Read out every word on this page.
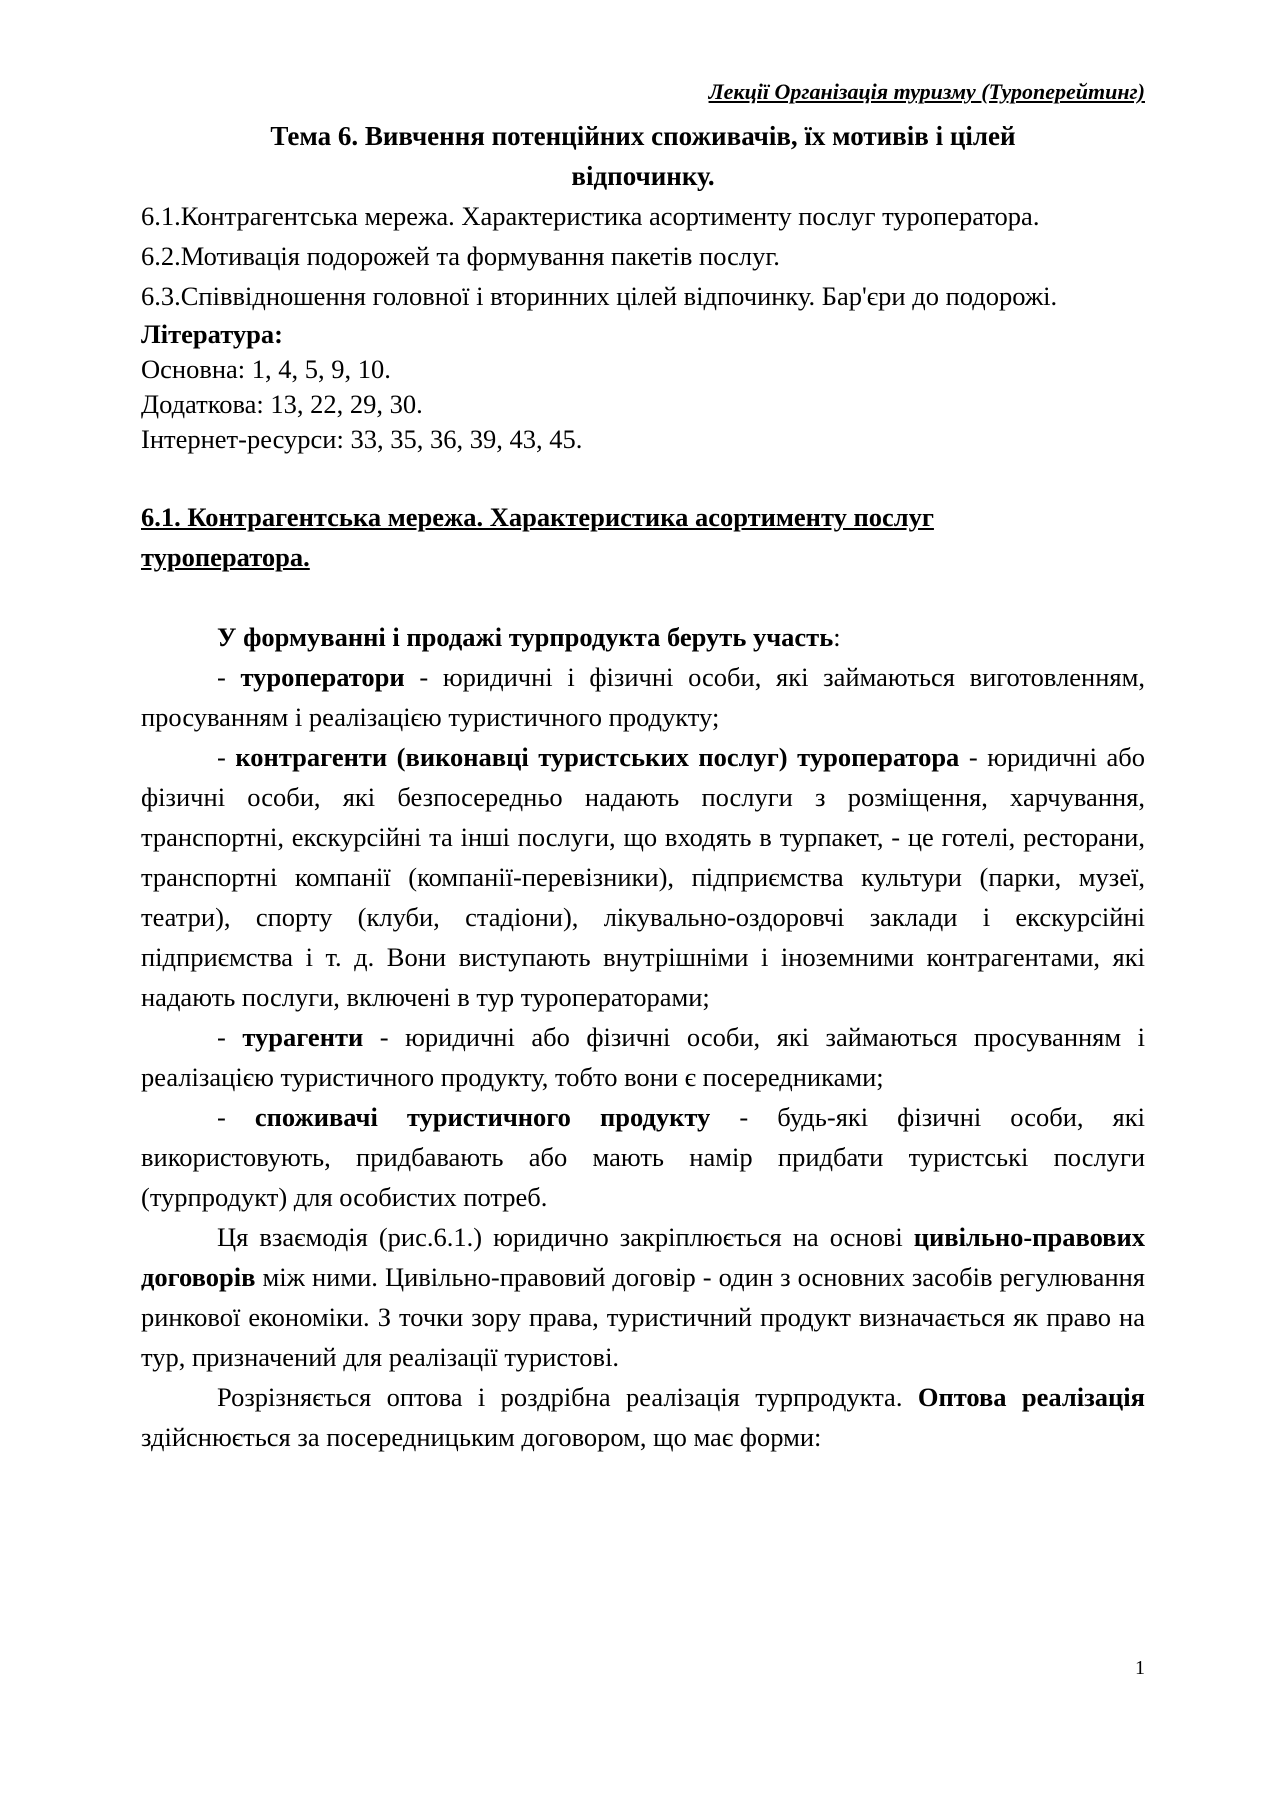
Лекції Організація туризму (Туроперейтинг)

Тема 6. Вивчення потенційних споживачів, їх мотивів і цілей

відпочинку.

6.1.Контрагентська мережа. Характеристика асортименту послуг туроператора.

6.2.Мотивація подорожей та формування пакетів послуг.

6.3.Співвідношення головної і вторинних цілей відпочинку. Бар'єри до подорожі.

Література:

Основна: 1, 4, 5, 9, 10.

Додаткова: 13, 22, 29, 30.

Інтернет-ресурси: 33, 35, 36, 39, 43, 45.

6.1. Контрагентська мережа. Характеристика асортименту послуг

туроператора.

У формуванні і продажі турпродукта беруть участь:

- туроператори - юридичні і фізичні особи, які займаються виготовленням, просуванням і реалізацією туристичного продукту;

- контрагенти (виконавці туристських послуг) туроператора - юридичні або фізичні особи, які безпосередньо надають послуги з розміщення, харчування, транспортні, екскурсійні та інші послуги, що входять в турпакет, - це готелі, ресторани, транспортні компанії (компанії-перевізники), підприємства культури (парки, музеї, театри), спорту (клуби, стадіони), лікувально-оздоровчі заклади і екскурсійні підприємства і т. д. Вони виступають внутрішніми і іноземними контрагентами, які надають послуги, включені в тур туроператорами;

- турагенти - юридичні або фізичні особи, які займаються просуванням і реалізацією туристичного продукту, тобто вони є посередниками;

- споживачі туристичного продукту - будь-які фізичні особи, які використовують, придбавають або мають намір придбати туристські послуги (турпродукт) для особистих потреб.

Ця взаємодія (рис.6.1.) юридично закріплюється на основі цивільно-правових договорів між ними. Цивільно-правовий договір - один з основних засобів регулювання ринкової економіки. З точки зору права, туристичний продукт визначається як право на тур, призначений для реалізації туристові.

Розрізняється оптова і роздрібна реалізація турпродукта. Оптова реалізація здійснюється за посередницьким договором, що має форми:

1
